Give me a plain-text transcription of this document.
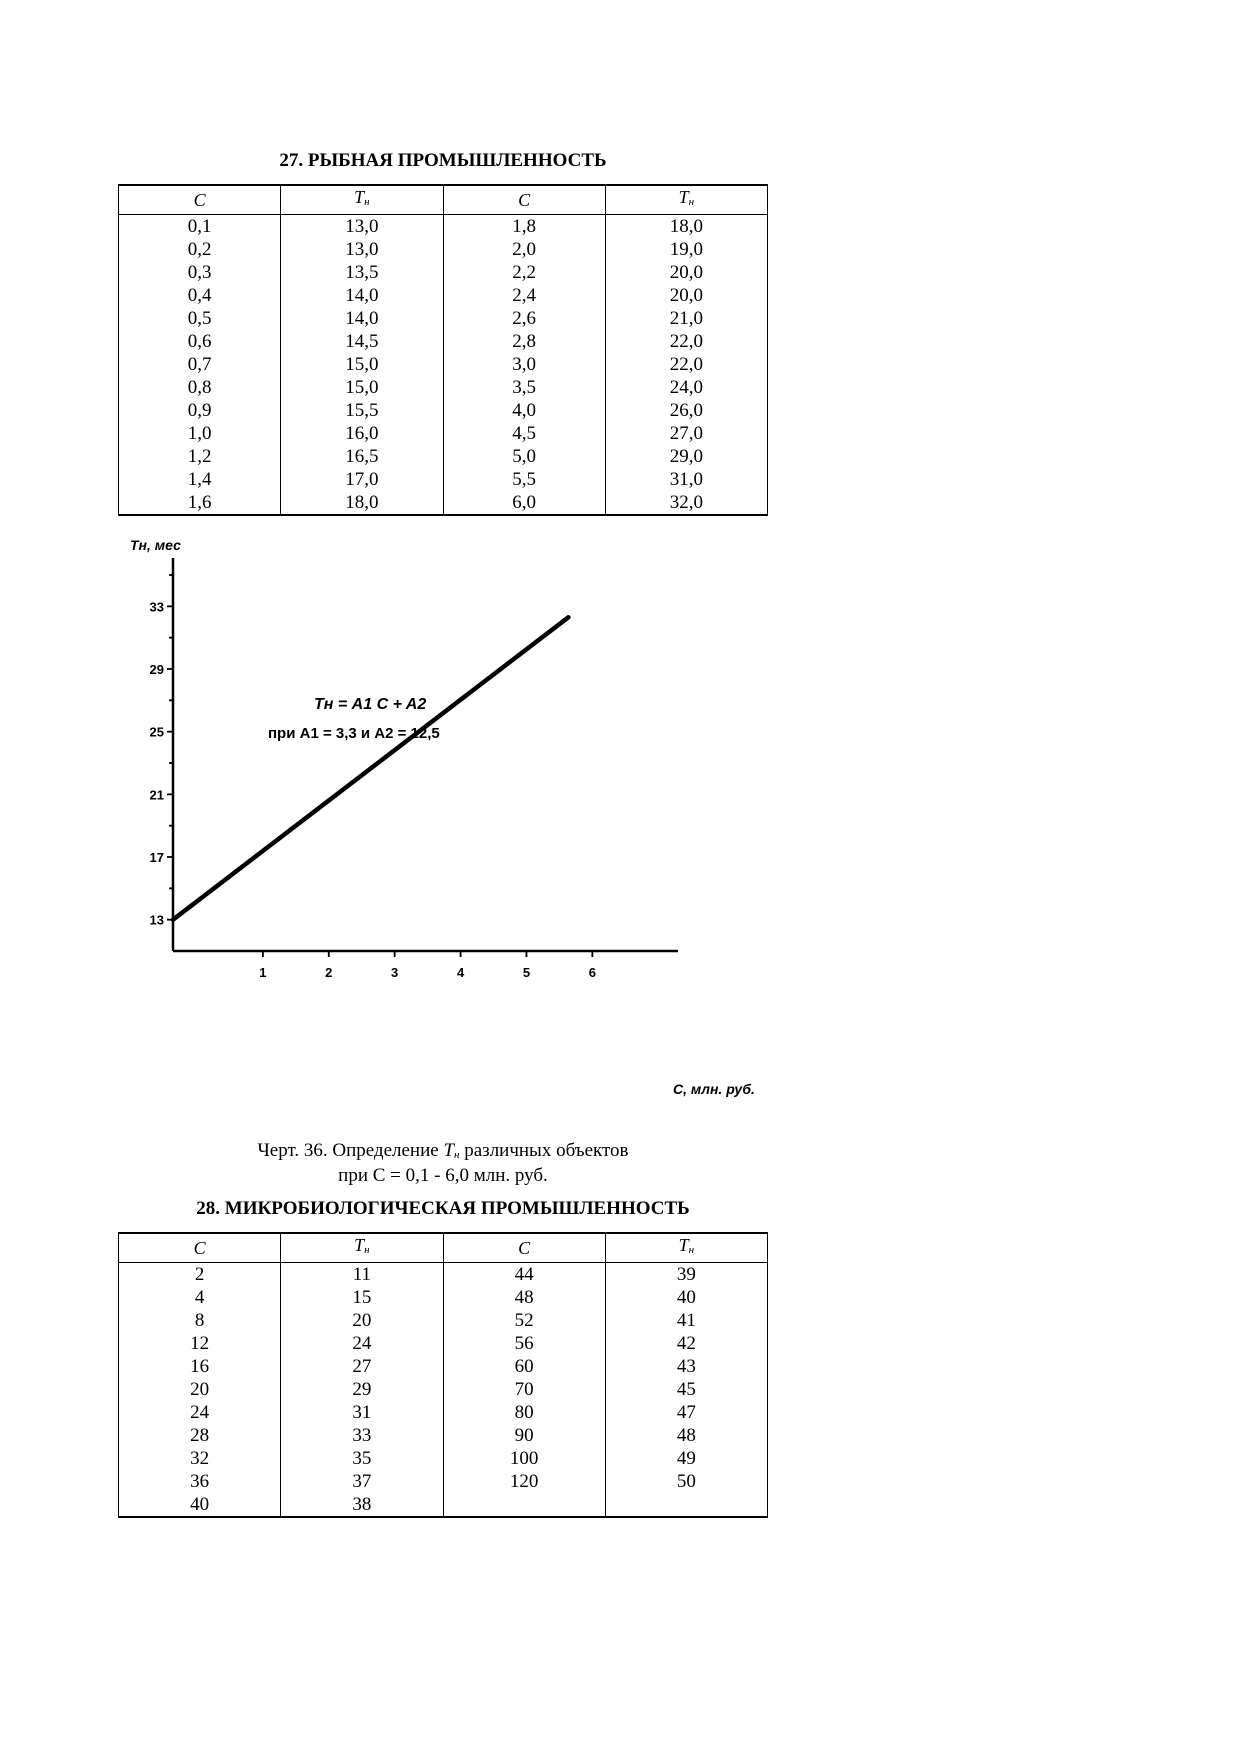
27. РЫБНАЯ ПРОМЫШЛЕННОСТЬ
C	$T_н$	C	$T_н$
0,1	13,0	1,8	18,0
0,2	13,0	2,0	19,0
0,3	13,5	2,2	20,0
0,4	14,0	2,4	20,0
0,5	14,0	2,6	21,0
0,6	14,5	2,8	22,0
0,7	15,0	3,0	22,0
0,8	15,0	3,5	24,0
0,9	15,5	4,0	26,0
1,0	16,0	4,5	27,0
1,2	16,5	5,0	29,0
1,4	17,0	5,5	31,0
1,6	18,0	6,0	32,0
13
17
21
25
29
33
1	2	3	4	5	6
Tн, мес
C, млн. руб.
Tн = A1 C + A2
при A1 = 3,3 и A2 = 12,5
Черт. 36. Определение $T_н$ различных объектов
при С = 0,1 - 6,0 млн. руб.
28. МИКРОБИОЛОГИЧЕСКАЯ ПРОМЫШЛЕННОСТЬ
C	$T_н$	C	$T_н$
2	11	44	39
4	15	48	40
8	20	52	41
12	24	56	42
16	27	60	43
20	29	70	45
24	31	80	47
28	33	90	48
32	35	100	49
36	37	120	50
40	38		
